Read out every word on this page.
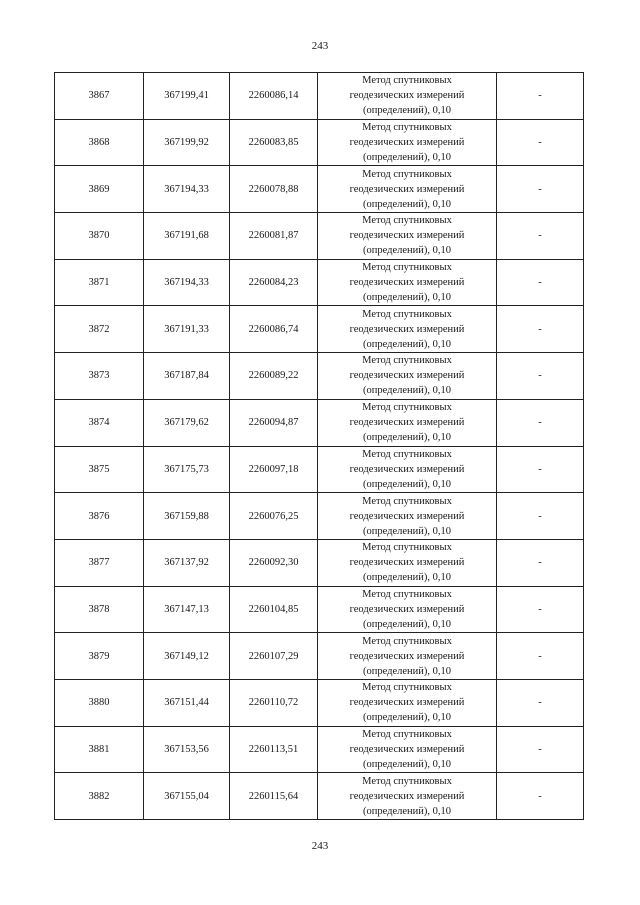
243
3867	367199,41	2260086,14	Метод спутниковых
геодезических измерений
(определений), 0,10	-
3868	367199,92	2260083,85	Метод спутниковых
геодезических измерений
(определений), 0,10	-
3869	367194,33	2260078,88	Метод спутниковых
геодезических измерений
(определений), 0,10	-
3870	367191,68	2260081,87	Метод спутниковых
геодезических измерений
(определений), 0,10	-
3871	367194,33	2260084,23	Метод спутниковых
геодезических измерений
(определений), 0,10	-
3872	367191,33	2260086,74	Метод спутниковых
геодезических измерений
(определений), 0,10	-
3873	367187,84	2260089,22	Метод спутниковых
геодезических измерений
(определений), 0,10	-
3874	367179,62	2260094,87	Метод спутниковых
геодезических измерений
(определений), 0,10	-
3875	367175,73	2260097,18	Метод спутниковых
геодезических измерений
(определений), 0,10	-
3876	367159,88	2260076,25	Метод спутниковых
геодезических измерений
(определений), 0,10	-
3877	367137,92	2260092,30	Метод спутниковых
геодезических измерений
(определений), 0,10	-
3878	367147,13	2260104,85	Метод спутниковых
геодезических измерений
(определений), 0,10	-
3879	367149,12	2260107,29	Метод спутниковых
геодезических измерений
(определений), 0,10	-
3880	367151,44	2260110,72	Метод спутниковых
геодезических измерений
(определений), 0,10	-
3881	367153,56	2260113,51	Метод спутниковых
геодезических измерений
(определений), 0,10	-
3882	367155,04	2260115,64	Метод спутниковых
геодезических измерений
(определений), 0,10	-
243
